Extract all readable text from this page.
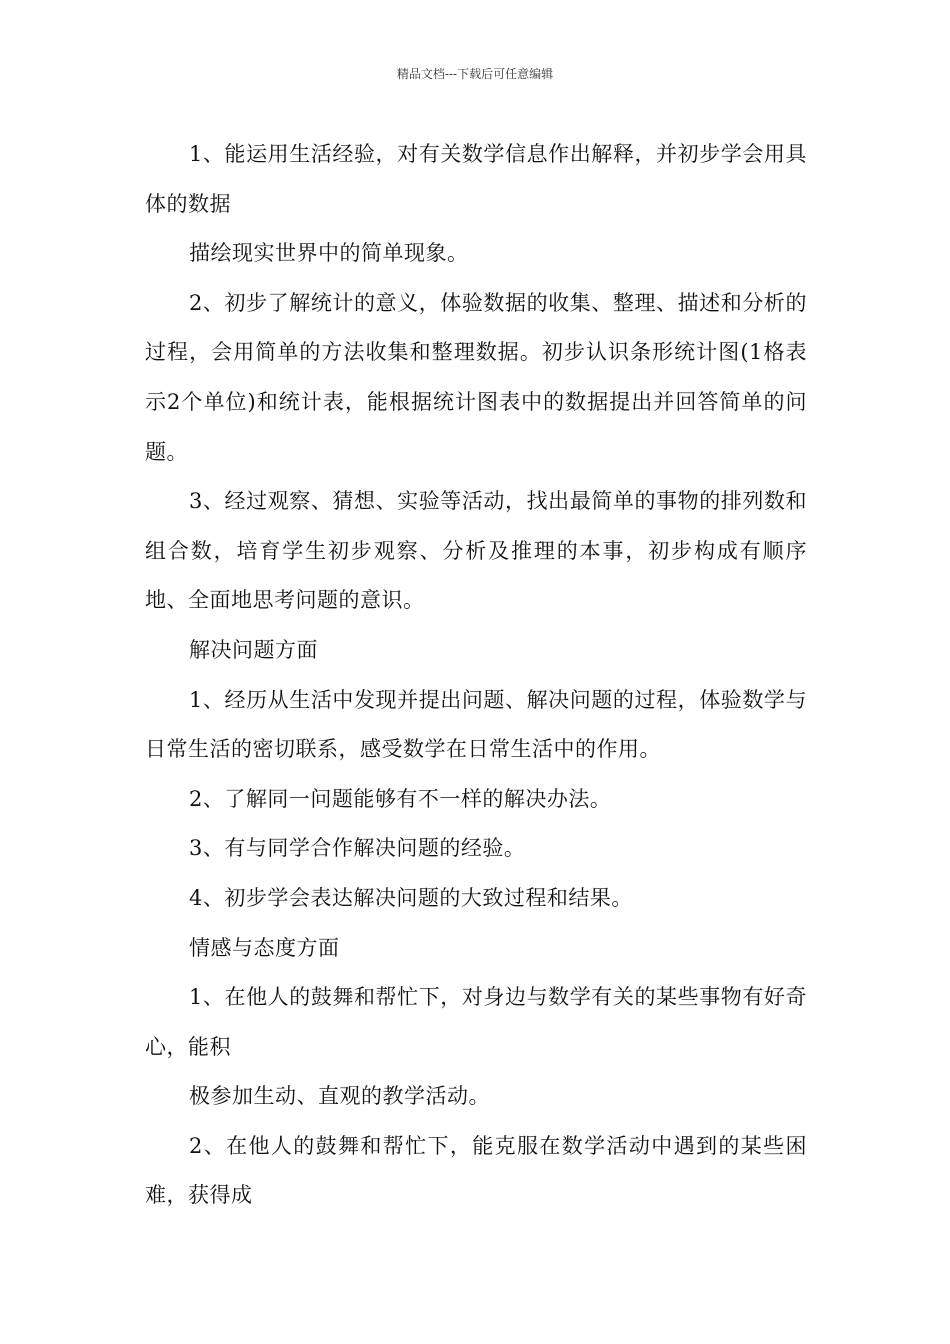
精品文档---下载后可任意编辑

1、能运用生活经验，对有关数学信息作出解释，并初步学会用具体的数据

描绘现实世界中的简单现象。

2、初步了解统计的意义，体验数据的收集、整理、描述和分析的过程，会用简单的方法收集和整理数据。初步认识条形统计图(1格表示2个单位)和统计表，能根据统计图表中的数据提出并回答简单的问题。

3、经过观察、猜想、实验等活动，找出最简单的事物的排列数和组合数，培育学生初步观察、分析及推理的本事，初步构成有顺序地、全面地思考问题的意识。

解决问题方面

1、经历从生活中发现并提出问题、解决问题的过程，体验数学与日常生活的密切联系，感受数学在日常生活中的作用。

2、了解同一问题能够有不一样的解决办法。

3、有与同学合作解决问题的经验。

4、初步学会表达解决问题的大致过程和结果。

情感与态度方面

1、在他人的鼓舞和帮忙下，对身边与数学有关的某些事物有好奇心，能积

极参加生动、直观的教学活动。

2、在他人的鼓舞和帮忙下，能克服在数学活动中遇到的某些困难，获得成
